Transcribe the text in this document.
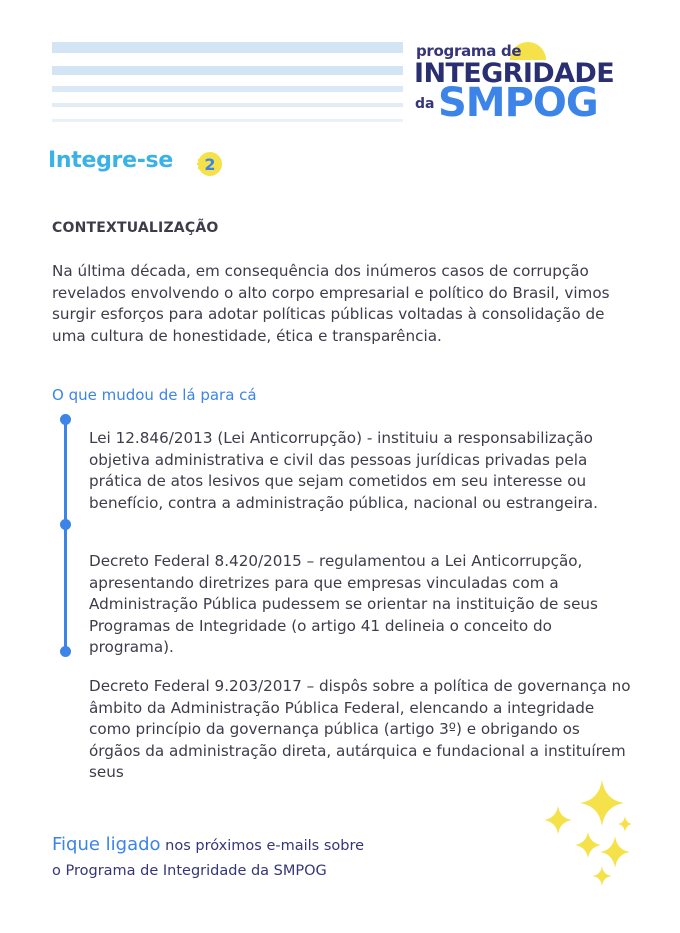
programa de
INTEGRIDADE
da SMPOG
Integre-se 2
CONTEXTUALIZAÇÃO

Na última década, em consequência dos inúmeros casos de corrupção revelados envolvendo o alto corpo empresarial e político do Brasil, vimos surgir esforços para adotar políticas públicas voltadas à consolidação de uma cultura de honestidade, ética e transparência.

O que mudou de lá para cá

Lei 12.846/2013 (Lei Anticorrupção) - instituiu a responsabilização objetiva administrativa e civil das pessoas jurídicas privadas pela prática de atos lesivos que sejam cometidos em seu interesse ou benefício, contra a administração pública, nacional ou estrangeira.

Decreto Federal 8.420/2015 – regulamentou a Lei Anticorrupção, apresentando diretrizes para que empresas vinculadas com a Administração Pública pudessem se orientar na instituição de seus Programas de Integridade (o artigo 41 delineia o conceito do programa).

Decreto Federal 9.203/2017 – dispôs sobre a política de governança no âmbito da Administração Pública Federal, elencando a integridade como princípio da governança pública (artigo 3º) e obrigando os órgãos da administração direta, autárquica e fundacional a instituírem seus

Fique ligado nos próximos e-mails sobre
o Programa de Integridade da SMPOG
